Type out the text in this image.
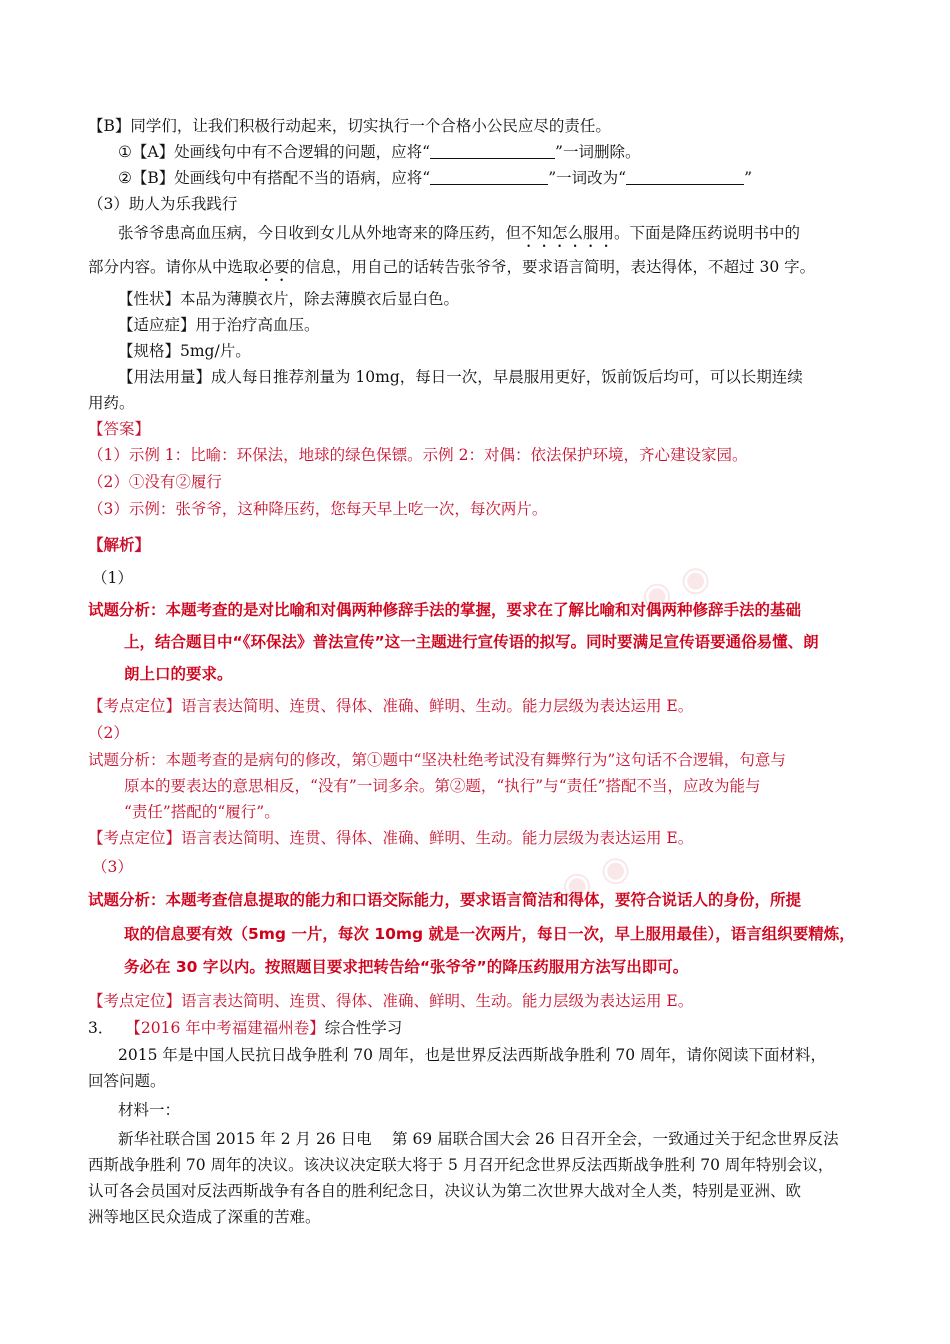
【B】同学们，让我们积极行动起来，切实执行一个合格小公民应尽的责任。
①【A】处画线句中有不合逻辑的问题，应将“	”一词删除。
②【B】处画线句中有搭配不当的语病，应将“	”一词改为“	”
（3）助人为乐我践行
张爷爷患高血压病，今日收到女儿从外地寄来的降压药，但不知怎么服用。下面是降压药说明书中的
部分内容。请你从中选取必要的信息，用自己的话转告张爷爷，要求语言简明，表达得体，不超过 30 字。
【性状】本品为薄膜衣片，除去薄膜衣后显白色。
【适应症】用于治疗高血压。
【规格】5mg/片。
【用法用量】成人每日推荐剂量为 10mg，每日一次，早晨服用更好，饭前饭后均可，可以长期连续
用药。
【答案】
（1）示例 1：比喻：环保法，地球的绿色保镖。示例 2：对偶：依法保护环境，齐心建设家园。
（2）①没有②履行
（3）示例：张爷爷，这种降压药，您每天早上吃一次，每次两片。
【解析】
（1）
试题分析：本题考查的是对比喻和对偶两种修辞手法的掌握，要求在了解比喻和对偶两种修辞手法的基础
上，结合题目中“《环保法》普法宣传”这一主题进行宣传语的拟写。同时要满足宣传语要通俗易懂、朗
朗上口的要求。
【考点定位】语言表达简明、连贯、得体、准确、鲜明、生动。能力层级为表达运用 E。
（2）
试题分析：本题考查的是病句的修改，第①题中“坚决杜绝考试没有舞弊行为”这句话不合逻辑，句意与
原本的要表达的意思相反，“没有”一词多余。第②题，“执行”与“责任”搭配不当，应改为能与
“责任”搭配的“履行”。
【考点定位】语言表达简明、连贯、得体、准确、鲜明、生动。能力层级为表达运用 E。
（3）
试题分析：本题考查信息提取的能力和口语交际能力，要求语言简洁和得体，要符合说话人的身份，所提
取的信息要有效（5mg 一片，每次 10mg 就是一次两片，每日一次，早上服用最佳），语言组织要精炼，
务必在 30 字以内。按照题目要求把转告给“张爷爷”的降压药服用方法写出即可。
【考点定位】语言表达简明、连贯、得体、准确、鲜明、生动。能力层级为表达运用 E。
3． 【2016 年中考福建福州卷】综合性学习
2015 年是中国人民抗日战争胜利 70 周年，也是世界反法西斯战争胜利 70 周年，请你阅读下面材料，
回答问题。
材料一：
新华社联合国 2015 年 2 月 26 日电　 第 69 届联合国大会 26 日召开全会，一致通过关于纪念世界反法
西斯战争胜利 70 周年的决议。该决议决定联大将于 5 月召开纪念世界反法西斯战争胜利 70 周年特别会议，
认可各会员国对反法西斯战争有各自的胜利纪念日，决议认为第二次世界大战对全人类，特别是亚洲、欧
洲等地区民众造成了深重的苦难。
◉ ◉
◉ ◉
